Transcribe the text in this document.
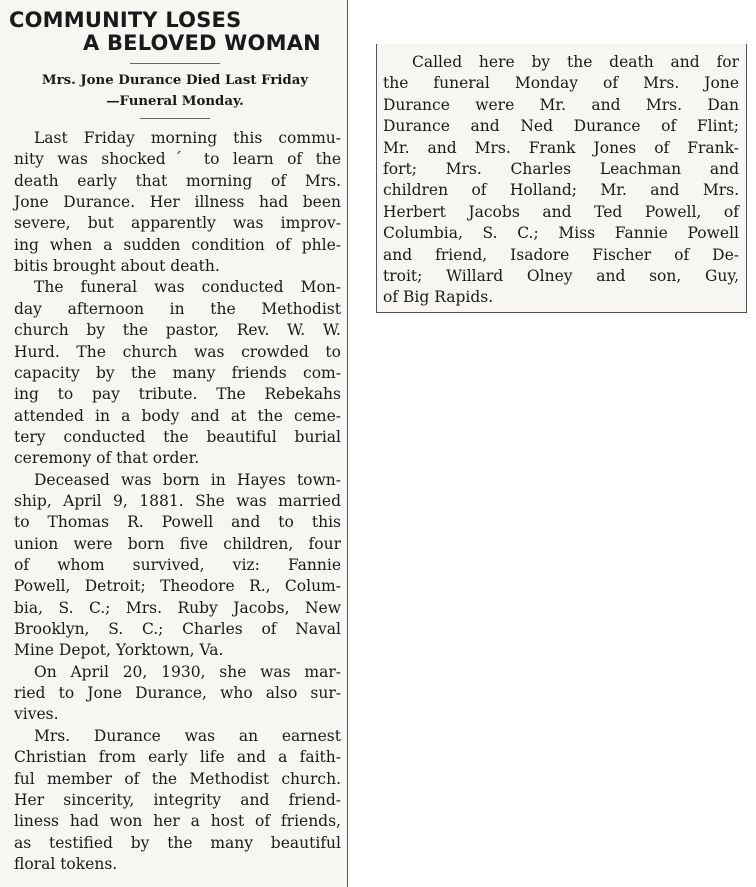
COMMUNITY LOSES
A BELOVED WOMAN
Mrs. Jone Durance Died Last Friday
—Funeral Monday.
Last Friday morning this commu-
nity was shockedˊ to learn of the
death early that morning of Mrs.
Jone Durance. Her illness had been
severe, but apparently was improv-
ing when a sudden condition of phle-
bitis brought about death.
The funeral was conducted Mon-
day afternoon in the Methodist
church by the pastor, Rev. W. W.
Hurd. The church was crowded to
capacity by the many friends com-
ing to pay tribute. The Rebekahs
attended in a body and at the ceme-
tery conducted the beautiful burial
ceremony of that order.
Deceased was born in Hayes town-
ship, April 9, 1881. She was married
to Thomas R. Powell and to this
union were born five children, four
of whom survived, viz: Fannie
Powell, Detroit; Theodore R., Colum-
bia, S. C.; Mrs. Ruby Jacobs, New
Brooklyn, S. C.; Charles of Naval
Mine Depot, Yorktown, Va.
On April 20, 1930, she was mar-
ried to Jone Durance, who also sur-
vives.
Mrs. Durance was an earnest
Christian from early life and a faith-
ful member of the Methodist church.
Her sincerity, integrity and friend-
liness had won her a host of friends,
as testified by the many beautiful
floral tokens.
Called here by the death and for
the funeral Monday of Mrs. Jone
Durance were Mr. and Mrs. Dan
Durance and Ned Durance of Flint;
Mr. and Mrs. Frank Jones of Frank-
fort; Mrs. Charles Leachman and
children of Holland; Mr. and Mrs.
Herbert Jacobs and Ted Powell, of
Columbia, S. C.; Miss Fannie Powell
and friend, Isadore Fischer of De-
troit; Willard Olney and son, Guy,
of Big Rapids.
